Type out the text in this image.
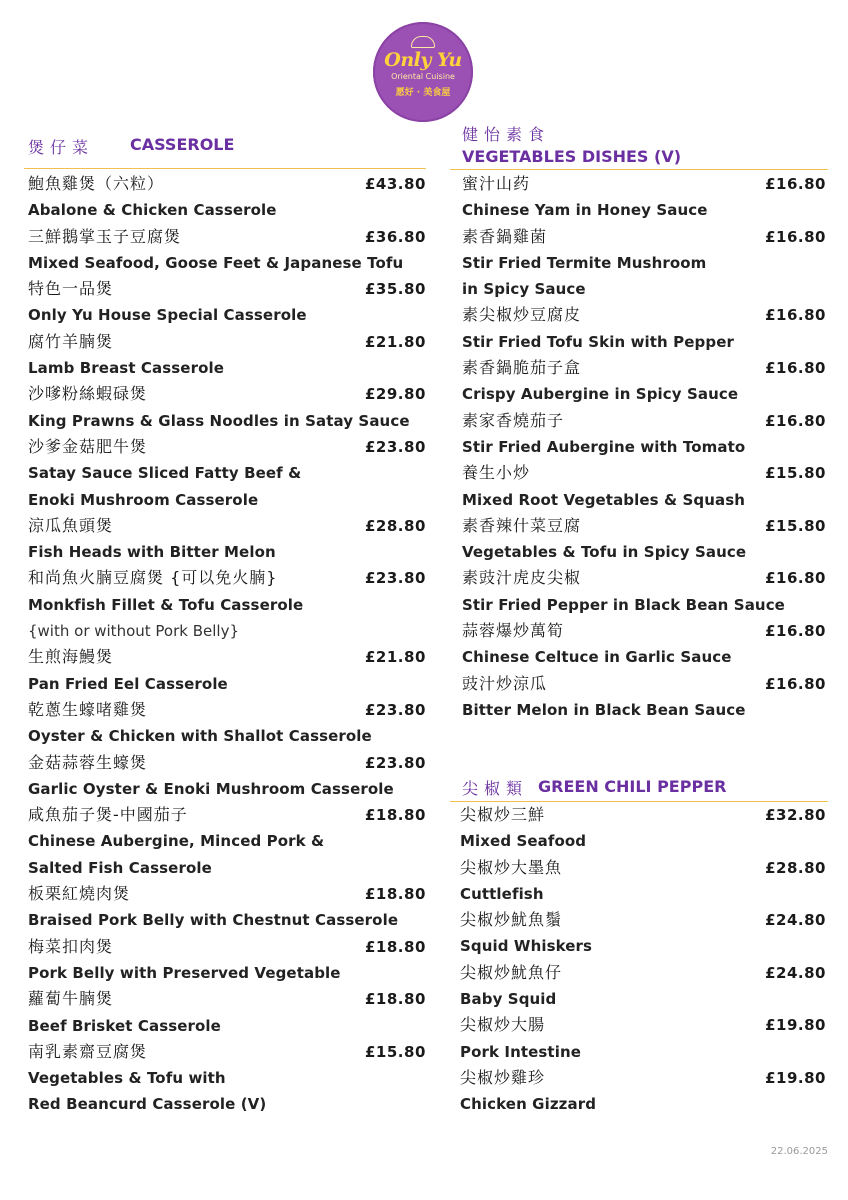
Only Yu
Oriental Cuisine
愿好 · 美食屋
煲仔菜 CASSEROLE
鮑魚雞煲（六粒）	£43.80
Abalone & Chicken Casserole
三鮮鵝掌玉子豆腐煲	£36.80
Mixed Seafood, Goose Feet & Japanese Tofu
特色一品煲	£35.80
Only Yu House Special Casserole
腐竹羊腩煲	£21.80
Lamb Breast Casserole
沙嗲粉絲蝦碌煲	£29.80
King Prawns & Glass Noodles in Satay Sauce
沙爹金菇肥牛煲	£23.80
Satay Sauce Sliced Fatty Beef &
Enoki Mushroom Casserole
涼瓜魚頭煲	£28.80
Fish Heads with Bitter Melon
和尚魚火腩豆腐煲 {可以免火腩}	£23.80
Monkfish Fillet & Tofu Casserole
{with or without Pork Belly}
生煎海鰻煲	£21.80
Pan Fried Eel Casserole
乾蔥生蠔啫雞煲	£23.80
Oyster & Chicken with Shallot Casserole
金菇蒜蓉生蠔煲	£23.80
Garlic Oyster & Enoki Mushroom Casserole
咸魚茄子煲-中國茄子	£18.80
Chinese Aubergine, Minced Pork &
Salted Fish Casserole
板栗紅燒肉煲	£18.80
Braised Pork Belly with Chestnut Casserole
梅菜扣肉煲	£18.80
Pork Belly with Preserved Vegetable
蘿蔔牛腩煲	£18.80
Beef Brisket Casserole
南乳素齋豆腐煲	£15.80
Vegetables & Tofu with
Red Beancurd Casserole (V)
健怡素食
VEGETABLES DISHES (V)
蜜汁山药	£16.80
Chinese Yam in Honey Sauce
素香鍋雞菌	£16.80
Stir Fried Termite Mushroom
in Spicy Sauce
素尖椒炒豆腐皮	£16.80
Stir Fried Tofu Skin with Pepper
素香鍋脆茄子盒	£16.80
Crispy Aubergine in Spicy Sauce
素家香燒茄子	£16.80
Stir Fried Aubergine with Tomato
養生小炒	£15.80
Mixed Root Vegetables & Squash
素香辣什菜豆腐	£15.80
Vegetables & Tofu in Spicy Sauce
素豉汁虎皮尖椒	£16.80
Stir Fried Pepper in Black Bean Sauce
蒜蓉爆炒萬筍	£16.80
Chinese Celtuce in Garlic Sauce
豉汁炒涼瓜	£16.80
Bitter Melon in Black Bean Sauce
尖椒類 GREEN CHILI PEPPER
尖椒炒三鮮	£32.80
Mixed Seafood
尖椒炒大墨魚	£28.80
Cuttlefish
尖椒炒魷魚鬚	£24.80
Squid Whiskers
尖椒炒魷魚仔	£24.80
Baby Squid
尖椒炒大腸	£19.80
Pork Intestine
尖椒炒雞珍	£19.80
Chicken Gizzard
22.06.2025
